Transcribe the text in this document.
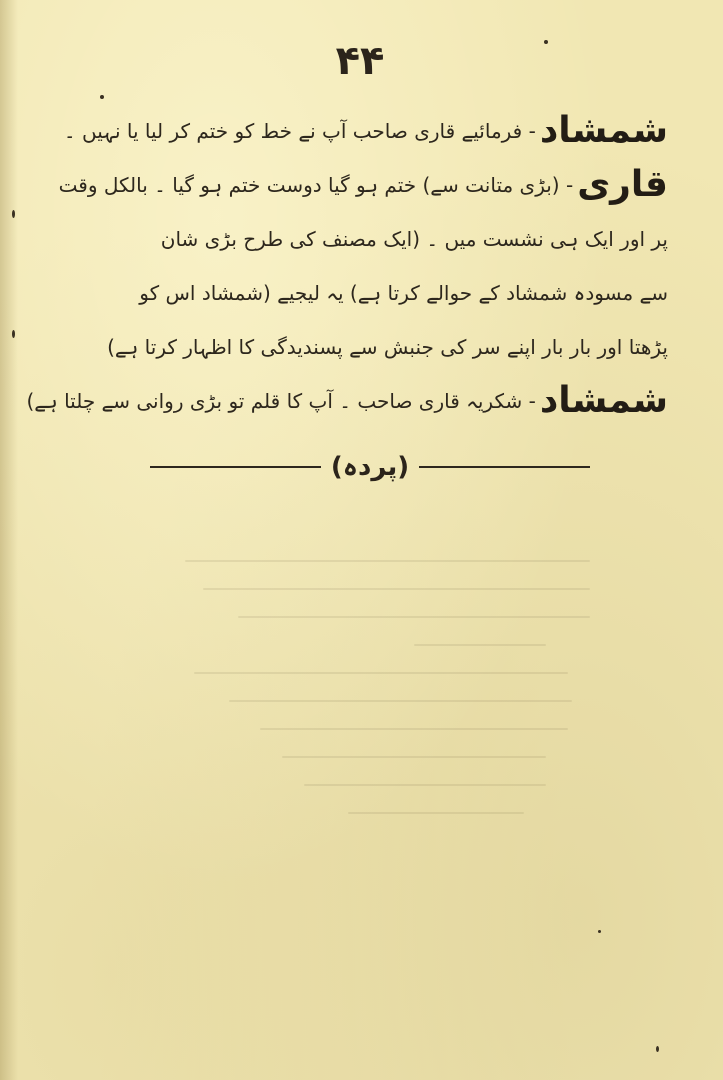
۴۴
شمشاد- فرمائیے قاری صاحب آپ نے خط کو ختم کر لیا یا نہیں ۔
قاری- (بڑی متانت سے) ختم ہو گیا دوست ختم ہو گیا ۔ بالکل وقت
پر اور ایک ہی نشست میں ۔ (ایک مصنف کی طرح بڑی شان
سے مسودہ شمشاد کے حوالے کرتا ہے) یہ لیجیے (شمشاد اس کو
پڑھتا اور بار بار اپنے سر کی جنبش سے پسندیدگی کا اظہار کرتا ہے)
شمشاد- شکریہ قاری صاحب ۔ آپ کا قلم تو بڑی روانی سے چلتا ہے)
(پردہ)
